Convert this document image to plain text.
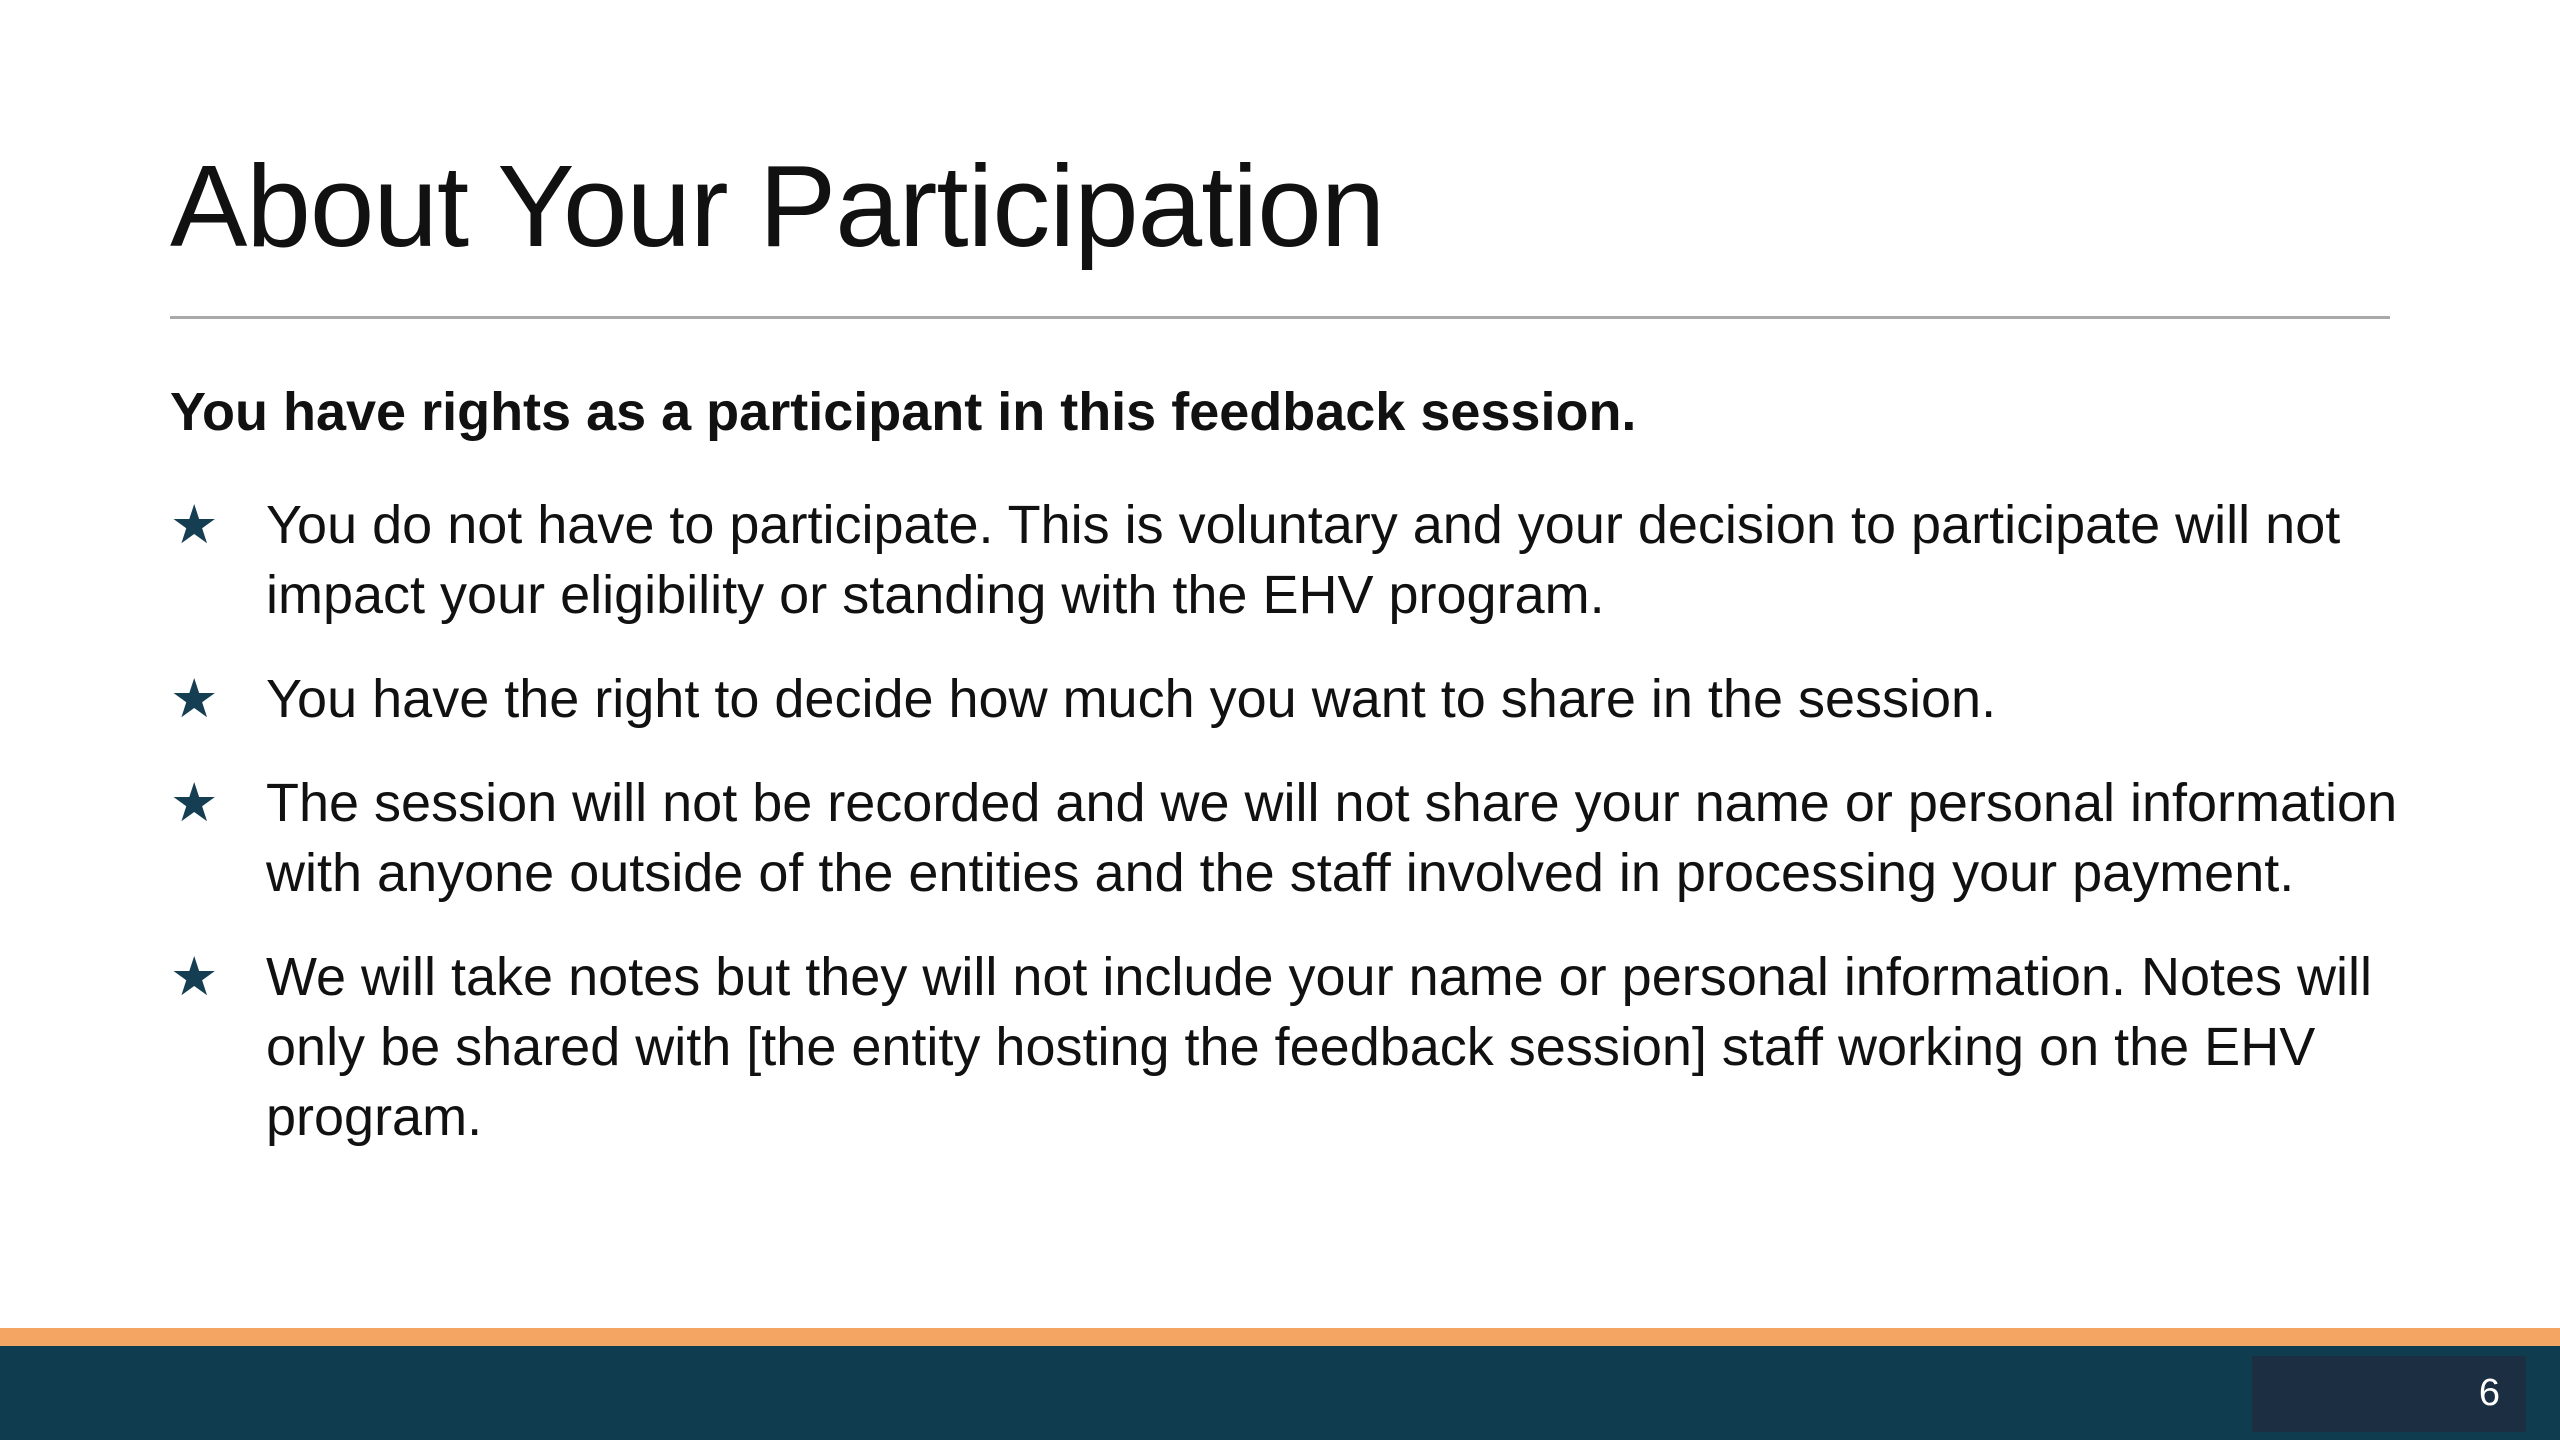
About Your Participation

You have rights as a participant in this feedback session.

★ You do not have to participate. This is voluntary and your decision to participate will not impact your eligibility or standing with the EHV program.
★ You have the right to decide how much you want to share in the session.
★ The session will not be recorded and we will not share your name or personal information with anyone outside of the entities and the staff involved in processing your payment.
★ We will take notes but they will not include your name or personal information. Notes will only be shared with [the entity hosting the feedback session] staff working on the EHV program.
6
